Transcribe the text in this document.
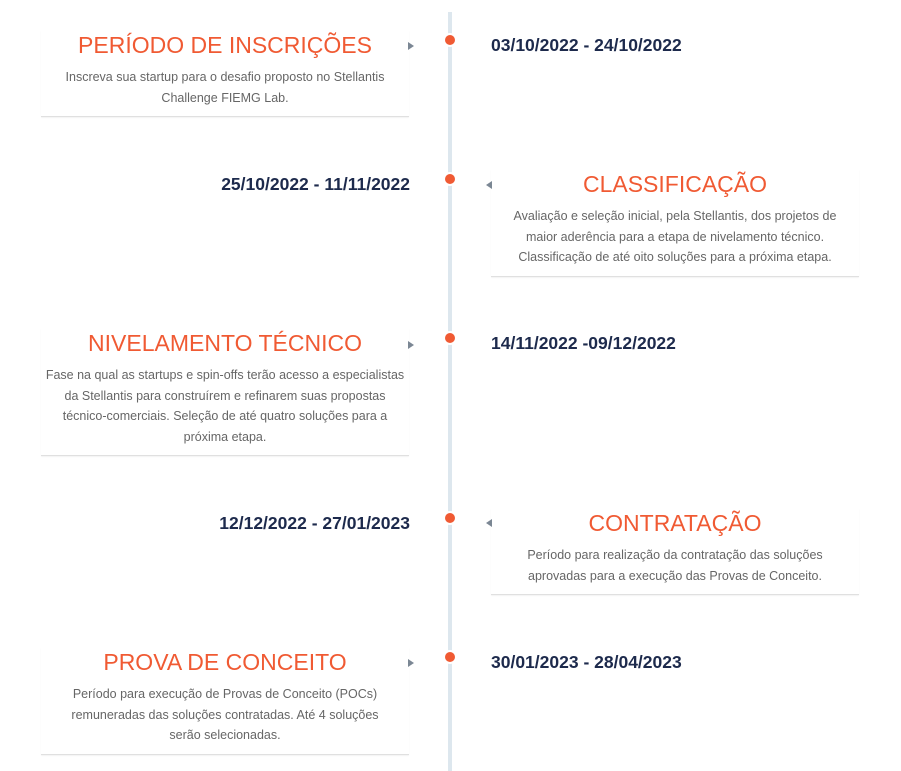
PERÍODO DE INSCRIÇÕES

Inscreva sua startup para o desafio proposto no Stellantis Challenge FIEMG Lab.

03/10/2022 - 24/10/2022
25/10/2022 - 11/11/2022	CLASSIFICAÇÃO

Avaliação e seleção inicial, pela Stellantis, dos projetos de maior aderência para a etapa de nivelamento técnico. Classificação de até oito soluções para a próxima etapa.

NIVELAMENTO TÉCNICO

Fase na qual as startups e spin-offs terão acesso a especialistas da Stellantis para construírem e refinarem suas propostas técnico-comerciais. Seleção de até quatro soluções para a próxima etapa.

14/11/2022 -09/12/2022
12/12/2022 - 27/01/2023	CONTRATAÇÃO

Período para realização da contratação das soluções aprovadas para a execução das Provas de Conceito.

PROVA DE CONCEITO

Período para execução de Provas de Conceito (POCs) remuneradas das soluções contratadas. Até 4 soluções serão selecionadas.

30/01/2023 - 28/04/2023
